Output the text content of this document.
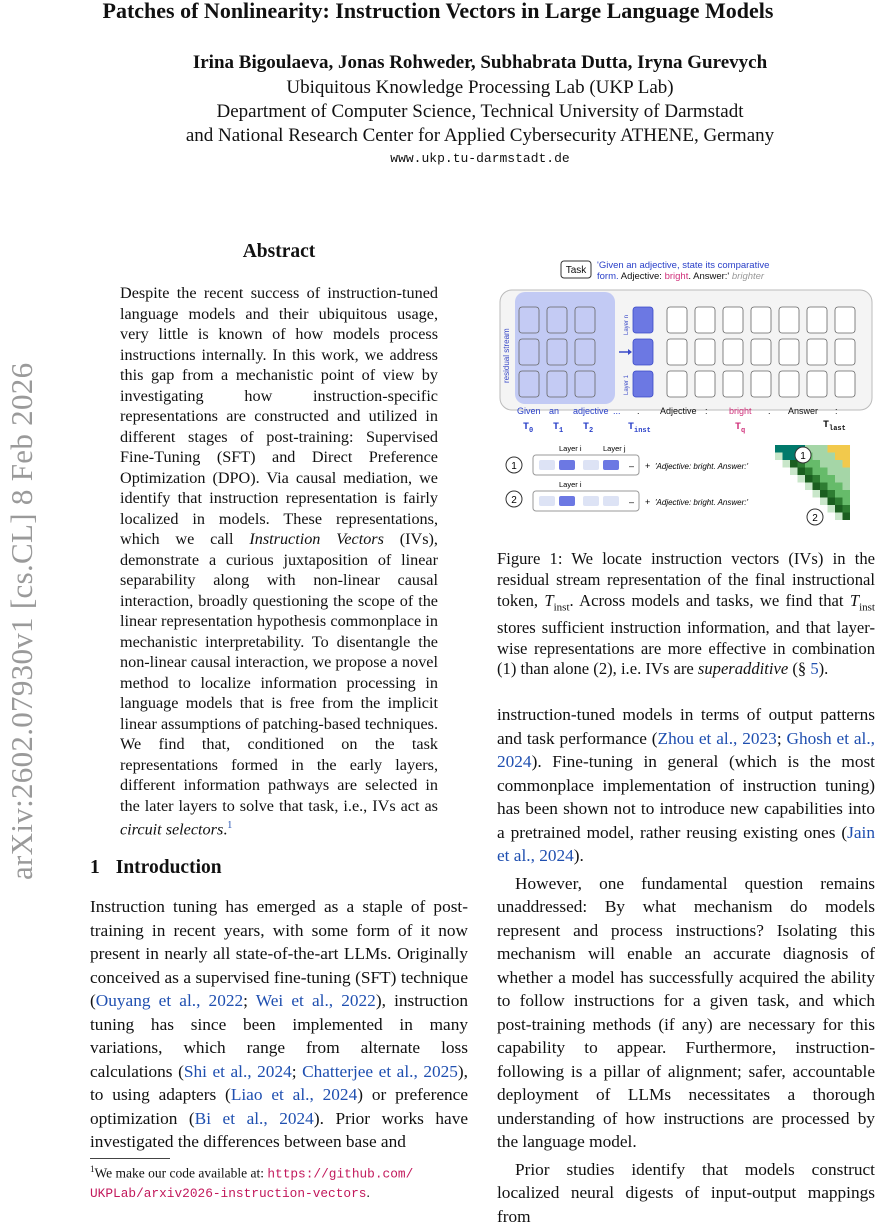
Patches of Nonlinearity: Instruction Vectors in Large Language Models
Irina Bigoulaeva, Jonas Rohweder, Subhabrata Dutta, Iryna Gurevych
Ubiquitous Knowledge Processing Lab (UKP Lab)
Department of Computer Science, Technical University of Darmstadt
and National Research Center for Applied Cybersecurity ATHENE, Germany
www.ukp.tu-darmstadt.de
arXiv:2602.07930v1 [cs.CL] 8 Feb 2026
Abstract

Despite the recent success of instruction-tuned language models and their ubiquitous usage, very little is known of how models process instructions internally. In this work, we address this gap from a mechanistic point of view by investigating how instruction-specific representations are constructed and utilized in different stages of post-training: Supervised Fine-Tuning (SFT) and Direct Preference Optimization (DPO). Via causal mediation, we identify that instruction representation is fairly localized in models. These representations, which we call Instruction Vectors (IVs), demonstrate a curious juxtaposition of linear separability along with non-linear causal interaction, broadly questioning the scope of the linear representation hypothesis commonplace in mechanistic interpretability. To disentangle the non-linear causal interaction, we propose a novel method to localize information processing in language models that is free from the implicit linear assumptions of patching-based techniques. We find that, conditioned on the task representations formed in the early layers, different information pathways are selected in the later layers to solve that task, i.e., IVs act as circuit selectors.$^1$

1 Introduction

Instruction tuning has emerged as a staple of post-training in recent years, with some form of it now present in nearly all state-of-the-art LLMs. Originally conceived as a supervised fine-tuning (SFT) technique (Ouyang et al., 2022; Wei et al., 2022), instruction tuning has since been implemented in many variations, which range from alternate loss calculations (Shi et al., 2024; Chatterjee et al., 2025), to using adapters (Liao et al., 2024) or preference optimization (Bi et al., 2024). Prior works have investigated the differences between base and

$^1$We make our code available at: https://github.com/
UKPLab/arxiv2026-instruction-vectors.
Task 'Given an adjective, state its comparative
form. Adjective: bright. Answer:' brighter
residual stream
Layer n
Layer 1
Given an adjective ... . Adjective : bright . Answer :
$T_0$ $T_1$ $T_2$	$T_{inst}$	$T_q$	$T_{last}$
1
Layer i	Layer j
– + 'Adjective: bright. Answer:'
2
Layer i
– + 'Adjective: bright. Answer:'
1
2

Figure 1: We locate instruction vectors (IVs) in the residual stream representation of the final instructional token, $T_{inst}$. Across models and tasks, we find that $T_{inst}$ stores sufficient instruction information, and that layer-wise representations are more effective in combination (1) than alone (2), i.e. IVs are superadditive (§ 5).

instruction-tuned models in terms of output patterns and task performance (Zhou et al., 2023; Ghosh et al., 2024). Fine-tuning in general (which is the most commonplace implementation of instruction tuning) has been shown not to introduce new capabilities into a pretrained model, rather reusing existing ones (Jain et al., 2024).

However, one fundamental question remains unaddressed: By what mechanism do models represent and process instructions? Isolating this mechanism will enable an accurate diagnosis of whether a model has successfully acquired the ability to follow instructions for a given task, and which post-training methods (if any) are necessary for this capability to appear. Furthermore, instruction-following is a pillar of alignment; safer, accountable deployment of LLMs necessitates a thorough understanding of how instructions are processed by the language model.

Prior studies identify that models construct localized neural digests of input-output mappings from
